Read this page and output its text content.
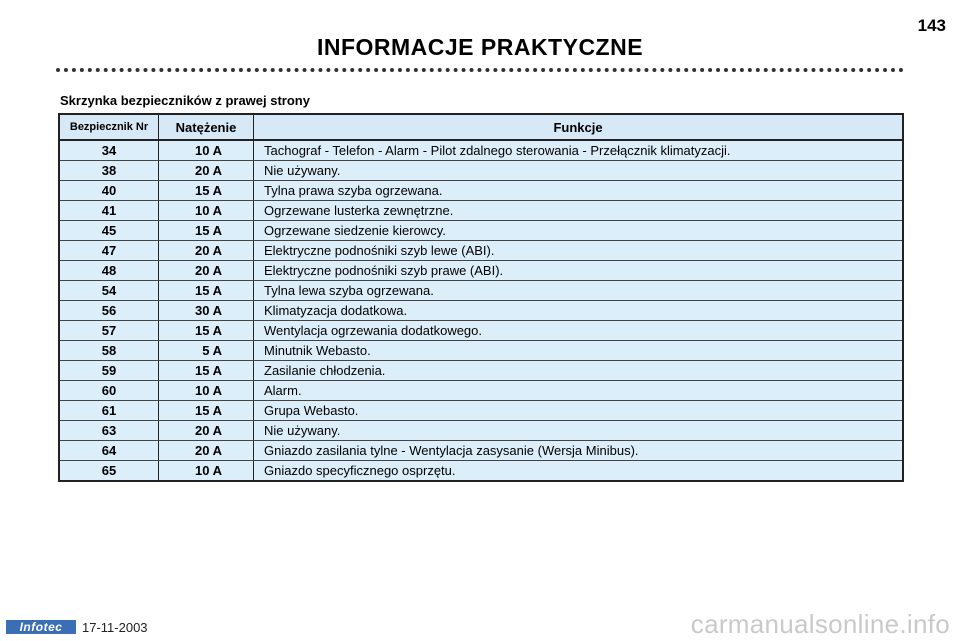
143
INFORMACJE PRAKTYCZNE
Skrzynka bezpieczników z prawej strony
Bezpiecznik Nr	Natężenie	Funkcje
34	10 A	Tachograf - Telefon - Alarm - Pilot zdalnego sterowania - Przełącznik klimatyzacji.
38	20 A	Nie używany.
40	15 A	Tylna prawa szyba ogrzewana.
41	10 A	Ogrzewane lusterka zewnętrzne.
45	15 A	Ogrzewane siedzenie kierowcy.
47	20 A	Elektryczne podnośniki szyb lewe (ABI).
48	20 A	Elektryczne podnośniki szyb prawe (ABI).
54	15 A	Tylna lewa szyba ogrzewana.
56	30 A	Klimatyzacja dodatkowa.
57	15 A	Wentylacja ogrzewania dodatkowego.
58	5 A	Minutnik Webasto.
59	15 A	Zasilanie chłodzenia.
60	10 A	Alarm.
61	15 A	Grupa Webasto.
63	20 A	Nie używany.
64	20 A	Gniazdo zasilania tylne - Wentylacja zasysanie (Wersja Minibus).
65	10 A	Gniazdo specyficznego osprzętu.
Infotec	17-11-2003	carmanualsonline.info
